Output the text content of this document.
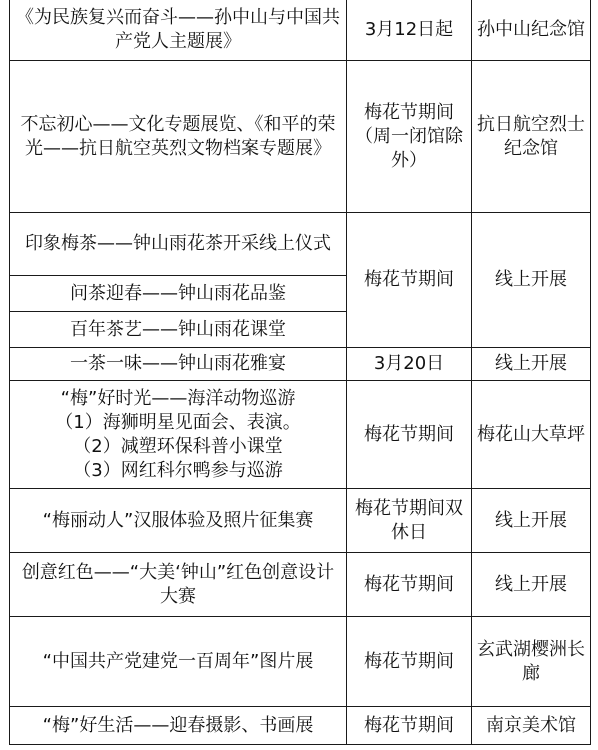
《为民族复兴而奋斗——孙中山与中国共产党人主题展》	3月12日起	孙中山纪念馆
不忘初心——文化专题展览、《和平的荣光——抗日航空英烈文物档案专题展》	梅花节期间（周一闭馆除外）	抗日航空烈士纪念馆
印象梅茶——钟山雨花茶开采线上仪式	梅花节期间	线上开展
问茶迎春——钟山雨花品鉴		
百年茶艺——钟山雨花课堂		
一茶一味——钟山雨花雅宴	3月20日	线上开展

“梅”好时光——海洋动物巡游
（1）海狮明星见面会、表演。
（2）减塑环保科普小课堂
（3）网红科尔鸭参与巡游	梅花节期间	梅花山大草坪
“梅丽动人”汉服体验及照片征集赛	梅花节期间双休日	线上开展
创意红色——“大美‘钟山”红色创意设计大赛	梅花节期间	线上开展
“中国共产党建党一百周年”图片展	梅花节期间	玄武湖樱洲长廊
“梅”好生活——迎春摄影、书画展	梅花节期间	南京美术馆
